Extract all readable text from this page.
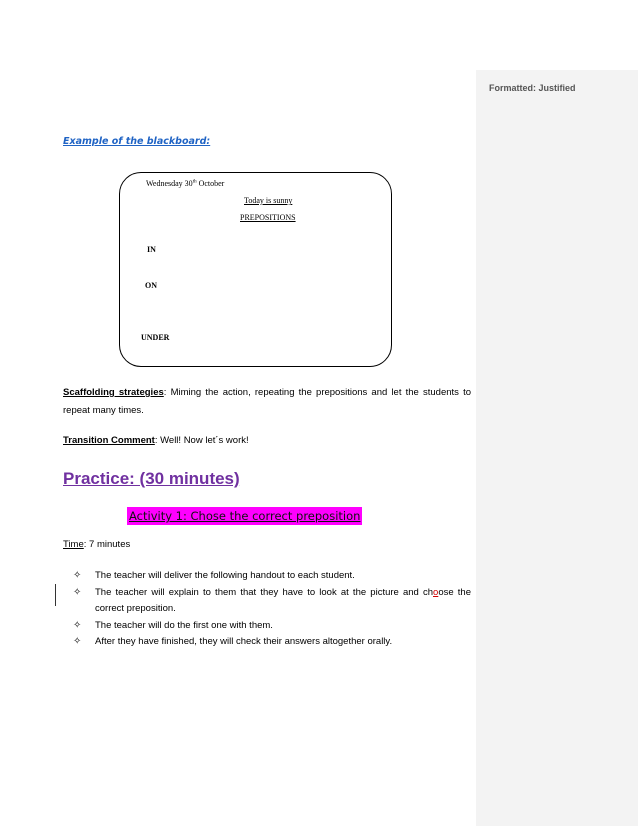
Example of the blackboard:
Wednesday 30th October
Today is sunny
PREPOSITIONS
IN
ON
UNDER
Scaffolding strategies: Miming the action, repeating the prepositions and let the students to repeat many times.
Transition Comment: Well! Now let´s work!
Practice: (30 minutes)
Activity 1: Chose the correct preposition
Time: 7 minutes
✧ The teacher will deliver the following handout to each student.
✧ The teacher will explain to them that they have to look at the picture and choose the correct preposition.
✧ The teacher will do the first one with them.
✧ After they have finished, they will check their answers altogether orally.
Formatted: Justified
